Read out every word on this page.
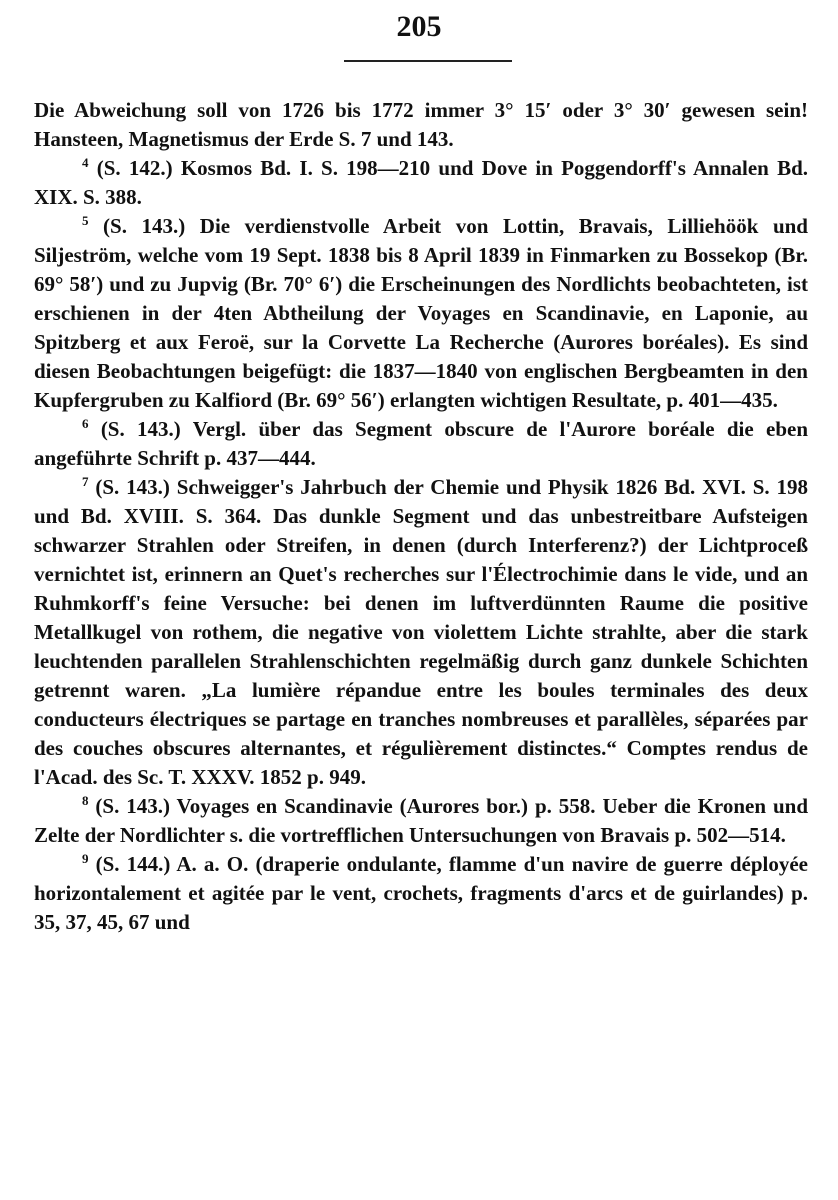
205

Die Abweichung soll von 1726 bis 1772 immer 3° 15′ oder 3° 30′ gewesen sein! Hansteen, Magnetismus der Erde S. 7 und 143.

$^4$ (S. 142.) Kosmos Bd. I. S. 198—210 und Dove in Poggendorff's Annalen Bd. XIX. S. 388.

$^5$ (S. 143.) Die verdienstvolle Arbeit von Lottin, Bravais, Lilliehöök und Siljeström, welche vom 19 Sept. 1838 bis 8 April 1839 in Finmarken zu Bossekop (Br. 69° 58′) und zu Jupvig (Br. 70° 6′) die Erscheinungen des Nordlichts beobachteten, ist erschienen in der 4ten Abtheilung der Voyages en Scandinavie, en Laponie, au Spitzberg et aux Feroë, sur la Corvette La Recherche (Aurores boréales). Es sind diesen Beobachtungen beigefügt: die 1837—1840 von englischen Bergbeamten in den Kupfergruben zu Kalfiord (Br. 69° 56′) erlangten wichtigen Resultate, p. 401—435.

$^6$ (S. 143.) Vergl. über das Segment obscure de l'Aurore boréale die eben angeführte Schrift p. 437—444.

$^7$ (S. 143.) Schweigger's Jahrbuch der Chemie und Physik 1826 Bd. XVI. S. 198 und Bd. XVIII. S. 364. Das dunkle Segment und das unbestreitbare Aufsteigen schwarzer Strahlen oder Streifen, in denen (durch Interferenz?) der Lichtproceß vernichtet ist, erinnern an Quet's recherches sur l'Électrochimie dans le vide, und an Ruhmkorff's feine Versuche: bei denen im luftverdünnten Raume die positive Metallkugel von rothem, die negative von violettem Lichte strahlte, aber die stark leuchtenden parallelen Strahlenschichten regelmäßig durch ganz dunkele Schichten getrennt waren. „La lumière répandue entre les boules terminales des deux conducteurs électriques se partage en tranches nombreuses et parallèles, séparées par des couches obscures alternantes, et régulièrement distinctes.“ Comptes rendus de l'Acad. des Sc. T. XXXV. 1852 p. 949.

$^8$ (S. 143.) Voyages en Scandinavie (Aurores bor.) p. 558. Ueber die Kronen und Zelte der Nordlichter s. die vortrefflichen Untersuchungen von Bravais p. 502—514.

$^9$ (S. 144.) A. a. O. (draperie ondulante, flamme d'un navire de guerre déployée horizontalement et agitée par le vent, crochets, fragments d'arcs et de guirlandes) p. 35, 37, 45, 67 und
